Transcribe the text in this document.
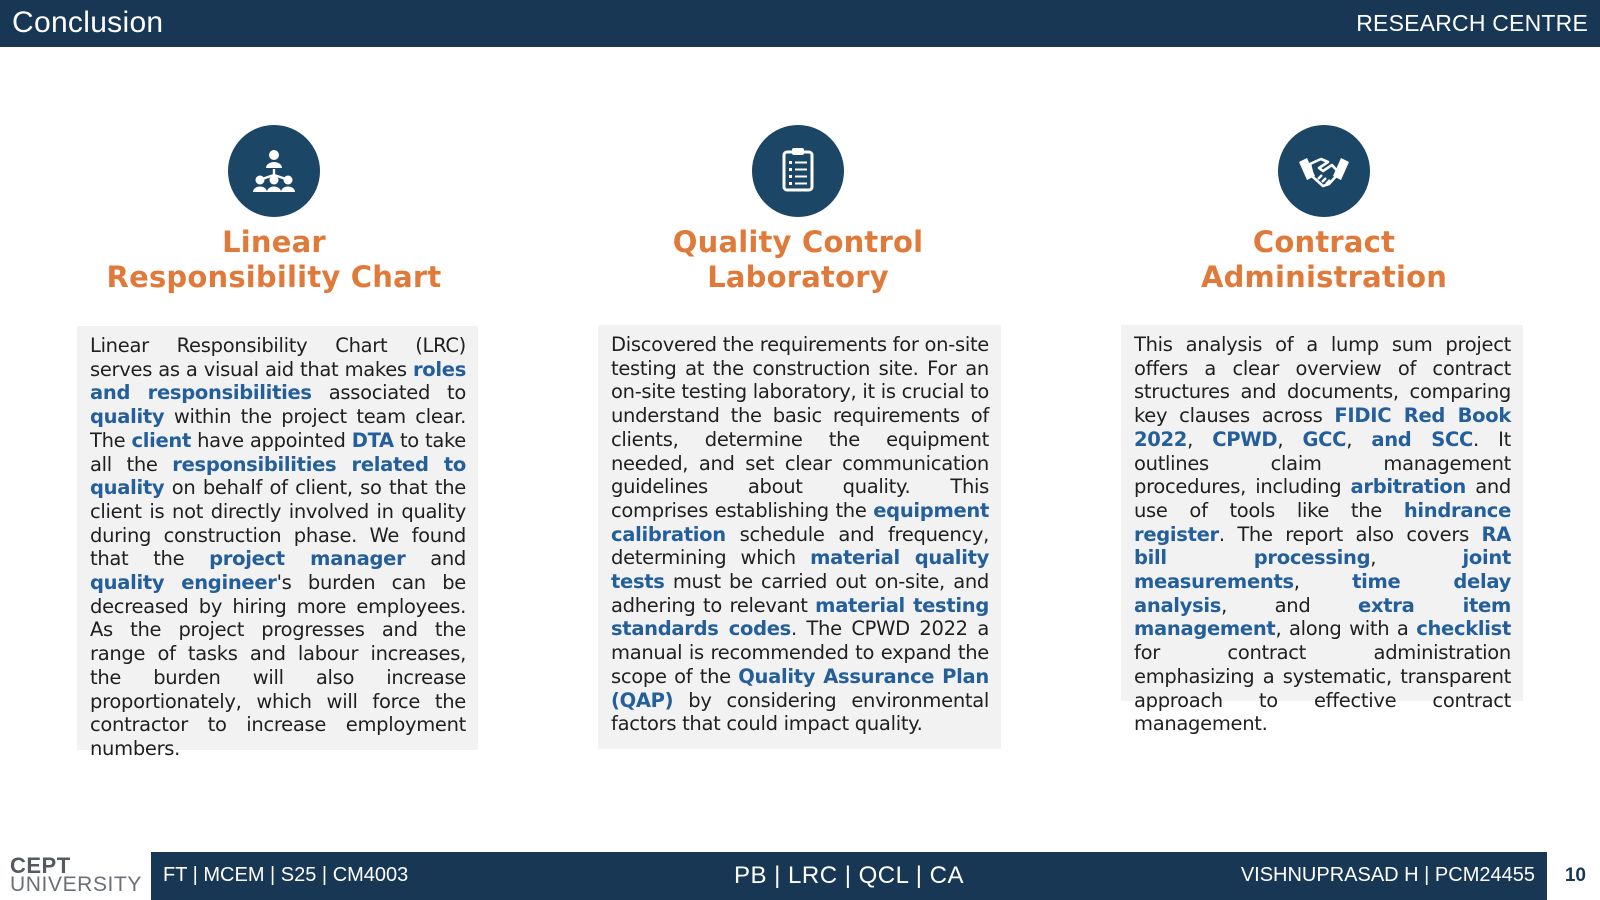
Conclusion	RESEARCH CENTRE
Linear
Responsibility Chart
Linear Responsibility Chart (LRC) serves as a visual aid that makes roles and responsibilities associated to quality within the project team clear. The client have appointed DTA to take all the responsibilities related to quality on behalf of client, so that the client is not directly involved in quality during construction phase. We found that the project manager and quality engineer's burden can be decreased by hiring more employees. As the project progresses and the range of tasks and labour increases, the burden will also increase proportionately, which will force the contractor to increase employment numbers.
Quality Control
Laboratory
Discovered the requirements for on-site testing at the construction site. For an on-site testing laboratory, it is crucial to understand the basic requirements of clients, determine the equipment needed, and set clear communication guidelines about quality. This comprises establishing the equipment calibration schedule and frequency, determining which material quality tests must be carried out on-site, and adhering to relevant material testing standards codes. The CPWD 2022 a manual is recommended to expand the scope of the Quality Assurance Plan (QAP) by considering environmental factors that could impact quality.
Contract
Administration
This analysis of a lump sum project offers a clear overview of contract structures and documents, comparing key clauses across FIDIC Red Book 2022, CPWD, GCC, and SCC. It outlines claim management procedures, including arbitration and use of tools like the hindrance register. The report also covers RA bill processing, joint measurements, time delay analysis, and extra item management, along with a checklist for contract administration emphasizing a systematic, transparent approach to effective contract management.
CEPT
UNIVERSITY FT | MCEM | S25 | CM4003	PB | LRC | QCL | CA	VISHNUPRASAD H | PCM24455 10
